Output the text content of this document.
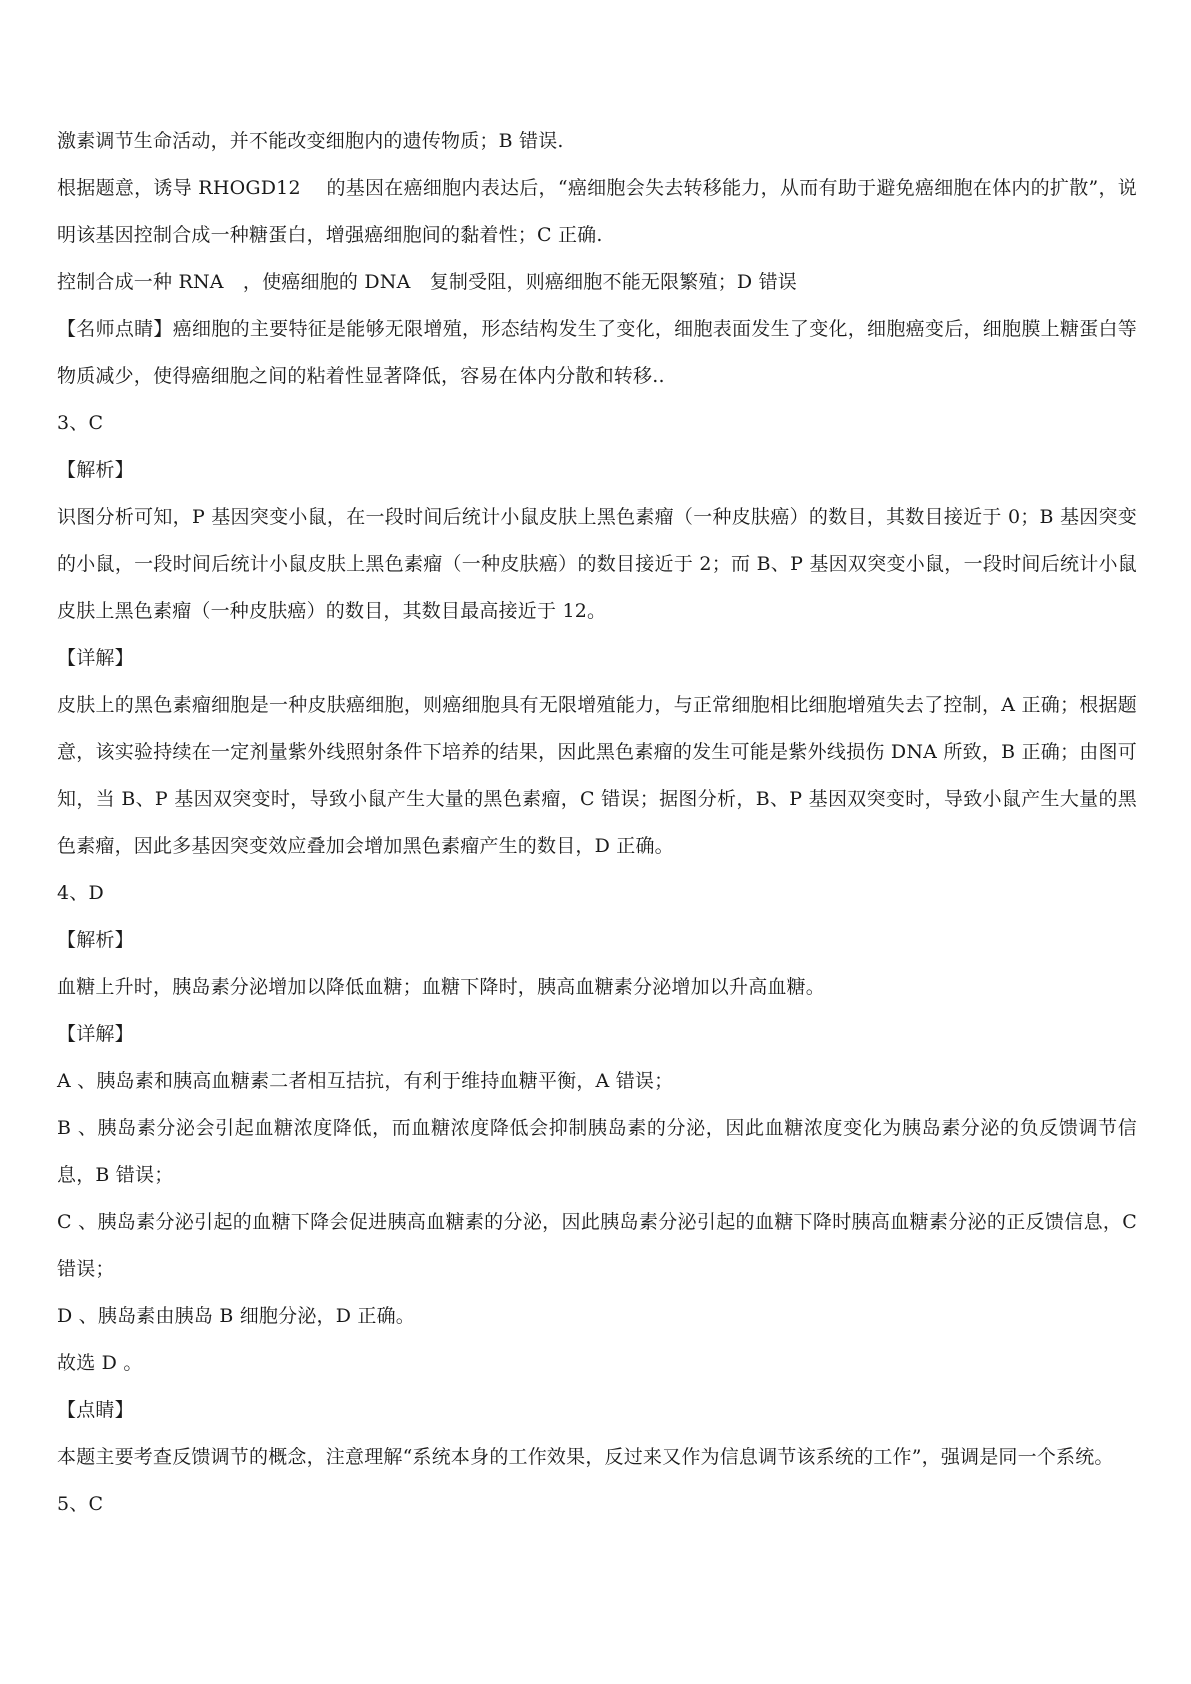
激素调节生命活动，并不能改变细胞内的遗传物质；B 错误.

根据题意，诱导 RHOGD12　 的基因在癌细胞内表达后，“癌细胞会失去转移能力，从而有助于避免癌细胞在体内的扩散”，说明该基因控制合成一种糖蛋白，增强癌细胞间的黏着性；C 正确.

控制合成一种 RNA　，使癌细胞的 DNA　复制受阻，则癌细胞不能无限繁殖；D 错误

【名师点睛】癌细胞的主要特征是能够无限增殖，形态结构发生了变化，细胞表面发生了变化，细胞癌变后，细胞膜上糖蛋白等物质减少，使得癌细胞之间的粘着性显著降低，容易在体内分散和转移..

3、C

【解析】

识图分析可知，P 基因突变小鼠，在一段时间后统计小鼠皮肤上黑色素瘤（一种皮肤癌）的数目，其数目接近于 0；B 基因突变的小鼠，一段时间后统计小鼠皮肤上黑色素瘤（一种皮肤癌）的数目接近于 2；而 B、P 基因双突变小鼠，一段时间后统计小鼠皮肤上黑色素瘤（一种皮肤癌）的数目，其数目最高接近于 12。

【详解】

皮肤上的黑色素瘤细胞是一种皮肤癌细胞，则癌细胞具有无限增殖能力，与正常细胞相比细胞增殖失去了控制，A 正确；根据题意，该实验持续在一定剂量紫外线照射条件下培养的结果，因此黑色素瘤的发生可能是紫外线损伤 DNA 所致，B 正确；由图可知，当 B、P 基因双突变时，导致小鼠产生大量的黑色素瘤，C 错误；据图分析，B、P 基因双突变时，导致小鼠产生大量的黑色素瘤，因此多基因突变效应叠加会增加黑色素瘤产生的数目，D 正确。

4、D

【解析】

血糖上升时，胰岛素分泌增加以降低血糖；血糖下降时，胰高血糖素分泌增加以升高血糖。

【详解】

A 、胰岛素和胰高血糖素二者相互拮抗，有利于维持血糖平衡，A 错误；

B 、胰岛素分泌会引起血糖浓度降低，而血糖浓度降低会抑制胰岛素的分泌，因此血糖浓度变化为胰岛素分泌的负反馈调节信息，B 错误；

C 、胰岛素分泌引起的血糖下降会促进胰高血糖素的分泌，因此胰岛素分泌引起的血糖下降时胰高血糖素分泌的正反馈信息，C 错误；

D 、胰岛素由胰岛 B 细胞分泌，D 正确。

故选 D 。

【点睛】

本题主要考查反馈调节的概念，注意理解“系统本身的工作效果，反过来又作为信息调节该系统的工作”，强调是同一个系统。

5、C
